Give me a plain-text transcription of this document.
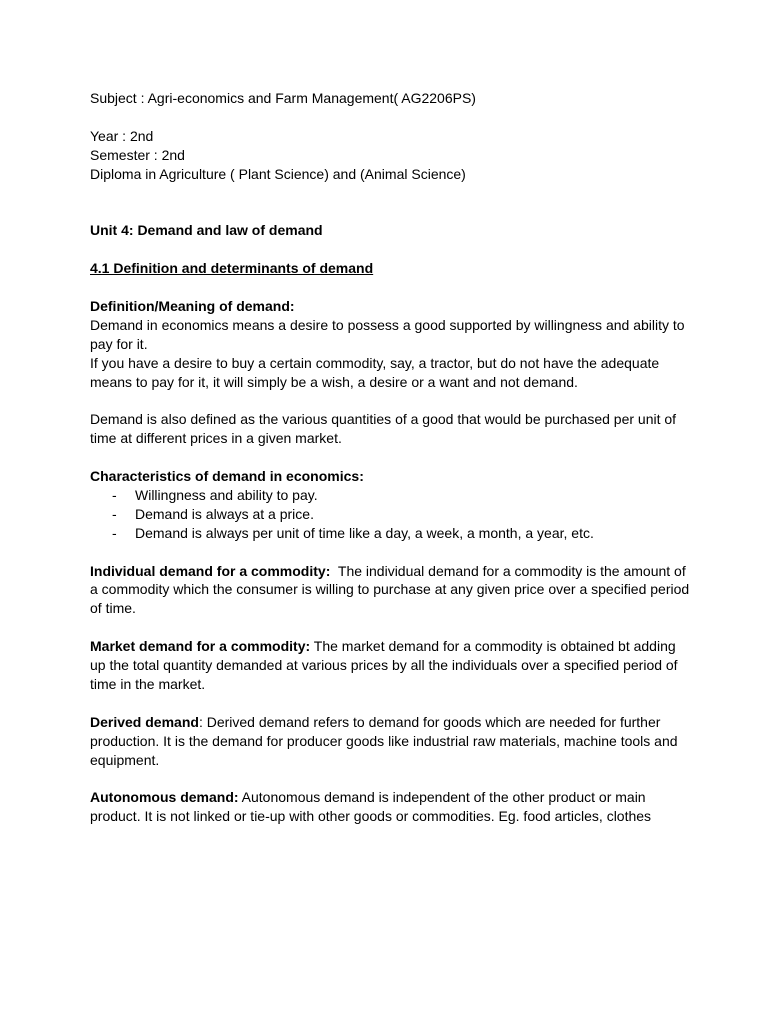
Subject : Agri-economics and Farm Management( AG2206PS)

Year : 2nd

Semester : 2nd

Diploma in Agriculture ( Plant Science) and (Animal Science)

Unit 4: Demand and law of demand

4.1 Definition and determinants of demand

Definition/Meaning of demand:

Demand in economics means a desire to possess a good supported by willingness and ability to pay for it.

If you have a desire to buy a certain commodity, say, a tractor, but do not have the adequate means to pay for it, it will simply be a wish, a desire or a want and not demand.

Demand is also defined as the various quantities of a good that would be purchased per unit of time at different prices in a given market.

Characteristics of demand in economics:

- Willingness and ability to pay.
- Demand is always at a price.
- Demand is always per unit of time like a day, a week, a month, a year, etc.

Individual demand for a commodity:  The individual demand for a commodity is the amount of a commodity which the consumer is willing to purchase at any given price over a specified period of time.

Market demand for a commodity: The market demand for a commodity is obtained bt adding up the total quantity demanded at various prices by all the individuals over a specified period of time in the market.

Derived demand: Derived demand refers to demand for goods which are needed for further production. It is the demand for producer goods like industrial raw materials, machine tools and equipment.

Autonomous demand: Autonomous demand is independent of the other product or main product. It is not linked or tie-up with other goods or commodities. Eg. food articles, clothes
